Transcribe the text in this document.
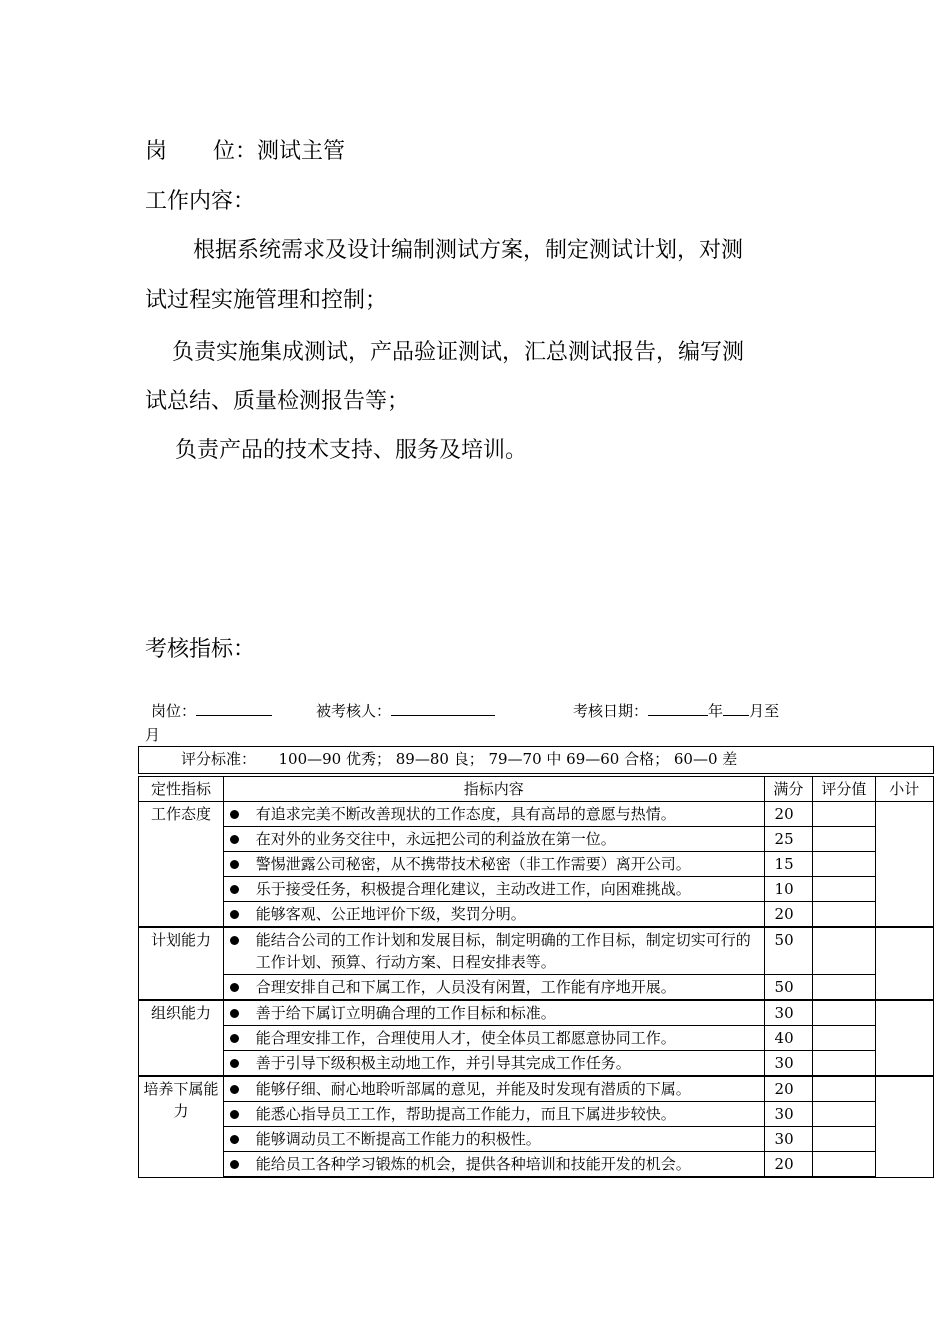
岗 位：测试主管
工作内容：
根据系统需求及设计编制测试方案，制定测试计划，对测
试过程实施管理和控制；
负责实施集成测试，产品验证测试，汇总测试报告，编写测
试总结、质量检测报告等；
负责产品的技术支持、服务及培训。
考核指标：
岗位：	被考核人：	考核日期：	年 月至
月
评分标准：　　100—90 优秀； 89—80 良； 79—70 中 69—60 合格； 60—0 差					
定性指标	指标内容		满分	评分值	小计
工作态度		有追求完美不断改善现状的工作态度，具有高昂的意愿与热情。	20		
		在对外的业务交往中，永远把公司的利益放在第一位。	25		
		警惕泄露公司秘密，从不携带技术秘密（非工作需要）离开公司。	15		
		乐于接受任务，积极提合理化建议，主动改进工作，向困难挑战。	10		
		能够客观、公正地评价下级，奖罚分明。	20		
计划能力		能结合公司的工作计划和发展目标，制定明确的工作目标，制定切实可行的工作计划、预算、行动方案、日程安排表等。	50		
		合理安排自己和下属工作，人员没有闲置，工作能有序地开展。	50		
组织能力		善于给下属订立明确合理的工作目标和标准。	30		
		能合理安排工作，合理使用人才，使全体员工都愿意协同工作。	40		
		善于引导下级积极主动地工作，并引导其完成工作任务。	30		
培养下属能力		能够仔细、耐心地聆听部属的意见，并能及时发现有潜质的下属。	20		
		能悉心指导员工工作，帮助提高工作能力，而且下属进步较快。	30		
		能够调动员工不断提高工作能力的积极性。	30		
		能给员工各种学习锻炼的机会，提供各种培训和技能开发的机会。	20		
